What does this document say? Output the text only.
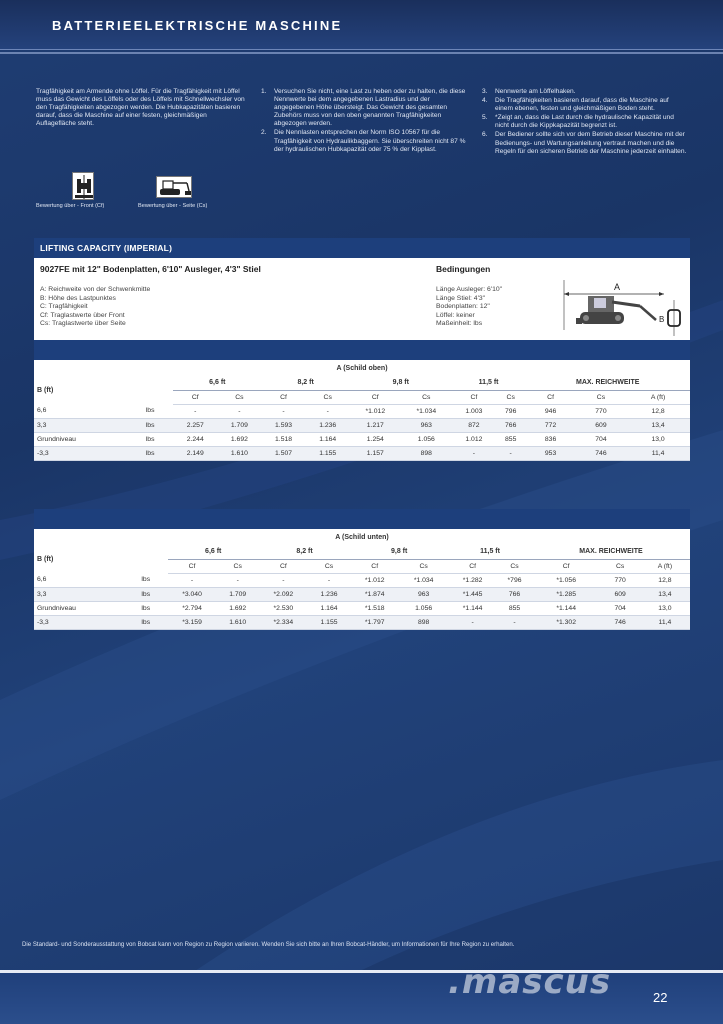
BATTERIEELEKTRISCHE MASCHINE

Tragfähigkeit am Armende ohne Löffel. Für die Tragfähigkeit mit Löffel muss das Gewicht des Löffels oder des Löffels mit Schnellwechsler von den Tragfähigkeiten abgezogen werden. Die Hubkapazitäten basieren darauf, dass die Maschine auf einer festen, gleichmäßigen Auflagefläche steht.

1.	Versuchen Sie nicht, eine Last zu heben oder zu halten, die diese Nennwerte bei dem angegebenen Lastradius und der angegebenen Höhe übersteigt. Das Gewicht des gesamten Zubehörs muss von den oben genannten Tragfähigkeiten abgezogen werden.
2.	Die Nennlasten entsprechen der Norm ISO 10567 für die Tragfähigkeit von Hydraulikbaggern. Sie überschreiten nicht 87 % der hydraulischen Hubkapazität oder 75 % der Kipplast.
3.	Nennwerte am Löffelhaken.
4.	Die Tragfähigkeiten basieren darauf, dass die Maschine auf einem ebenen, festen und gleichmäßigen Boden steht.
5.	*Zeigt an, dass die Last durch die hydraulische Kapazität und nicht durch die Kippkapazität begrenzt ist.
6.	Der Bediener sollte sich vor dem Betrieb dieser Maschine mit der Bedienungs- und Wartungsanleitung vertraut machen und die Regeln für den sicheren Betrieb der Maschine jederzeit einhalten.
Bewertung über - Front (Cf)	Bewertung über - Seite (Cs)
LIFTING CAPACITY (IMPERIAL)
9027FE mit 12" Bodenplatten, 6'10" Ausleger, 4'3" Stiel
A: Reichweite von der Schwenkmitte
B: Höhe des Lastpunktes
C: Tragfähigkeit
Cf: Traglastwerte über Front
Cs: Traglastwerte über Seite
Bedingungen
Länge Ausleger: 6'10"
Länge Stiel: 4'3"
Bodenplatten: 12"
Löffel: keiner
Maßeinheit: lbs
A
B
A (Schild oben)												
B (ft)		6,6 ft		8,2 ft		9,8 ft		11,5 ft		MAX. REICHWEITE		
		Cf	Cs	Cf	Cs	Cf	Cs	Cf	Cs	Cf	Cs	A (ft)
6,6	lbs	-	-	-	-	*1.012	*1.034	1.003	796	946	770	12,8
3,3	lbs	2.257	1.709	1.593	1.236	1.217	963	872	766	772	609	13,4
Grundniveau	lbs	2.244	1.692	1.518	1.164	1.254	1.056	1.012	855	836	704	13,0
-3,3	lbs	2.149	1.610	1.507	1.155	1.157	898	-	-	953	746	11,4
A (Schild unten)												
B (ft)		6,6 ft		8,2 ft		9,8 ft		11,5 ft		MAX. REICHWEITE		
		Cf	Cs	Cf	Cs	Cf	Cs	Cf	Cs	Cf	Cs	A (ft)
6,6	lbs	-	-	-	-	*1.012	*1.034	*1.282	*796	*1.056	770	12,8
3,3	lbs	*3.040	1.709	*2.092	1.236	*1.874	963	*1.445	766	*1.285	609	13,4
Grundniveau	lbs	*2.794	1.692	*2.530	1.164	*1.518	1.056	*1.144	855	*1.144	704	13,0
-3,3	lbs	*3.159	1.610	*2.334	1.155	*1.797	898	-	-	*1.302	746	11,4
Die Standard- und Sonderausstattung von Bobcat kann von Region zu Region variieren. Wenden Sie sich bitte an Ihren Bobcat-Händler, um Informationen für Ihre Region zu erhalten.
.mascus	22
